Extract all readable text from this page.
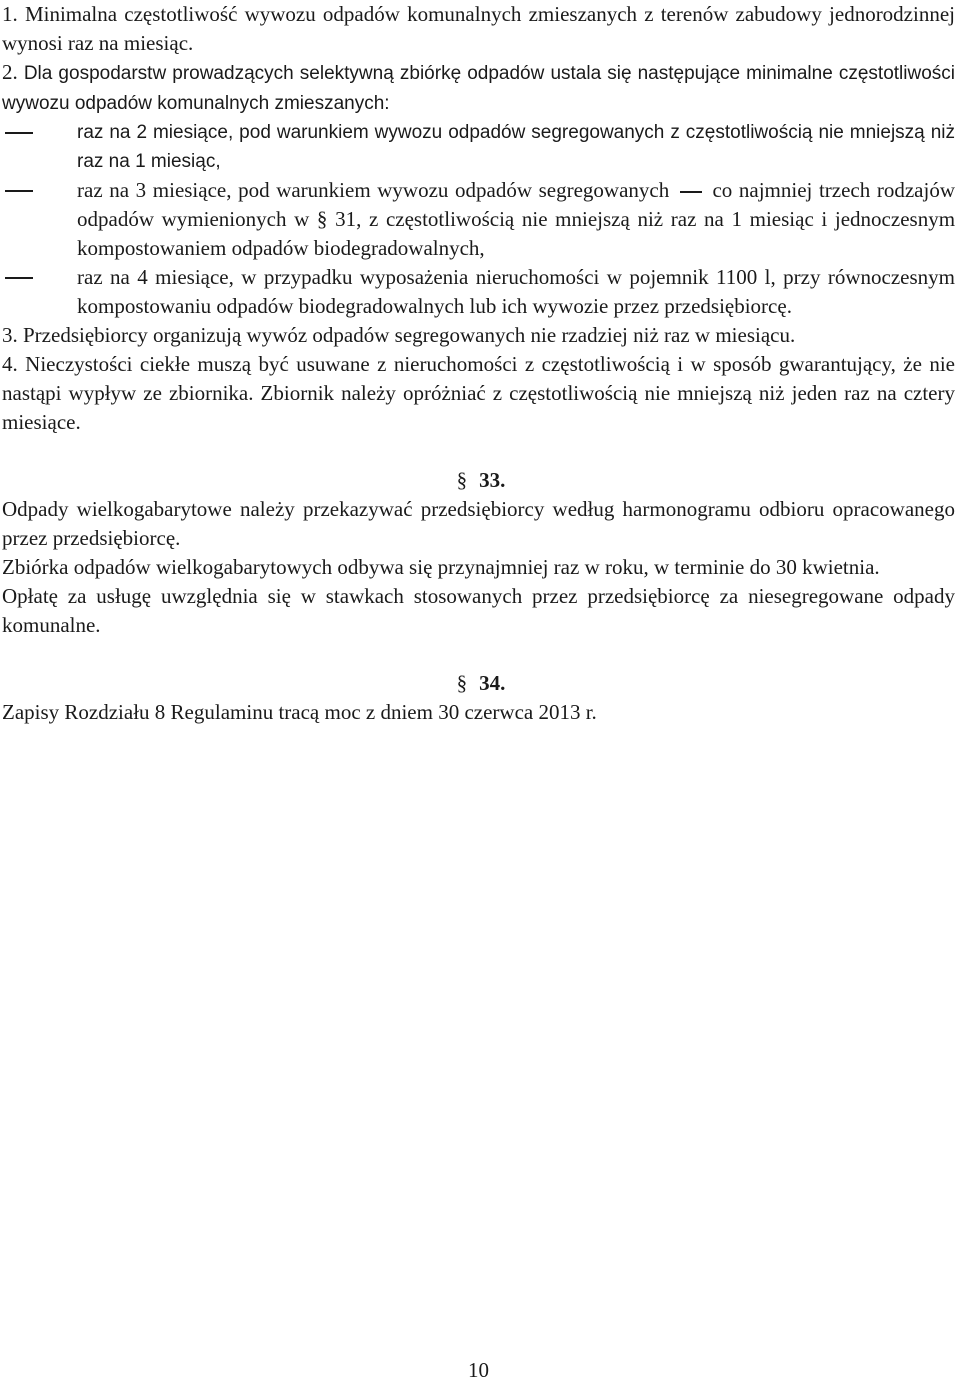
1. Minimalna częstotliwość wywozu odpadów komunalnych zmieszanych z terenów zabudowy jednorodzinnej wynosi raz na miesiąc.

2. Dla gospodarstw prowadzących selektywną zbiórkę odpadów ustala się następujące minimalne częstotliwości wywozu odpadów komunalnych zmieszanych:

raz na 2 miesiące, pod warunkiem wywozu odpadów segregowanych z częstotliwością nie mniejszą niż raz na 1 miesiąc,
raz na 3 miesiące, pod warunkiem wywozu odpadów segregowanych co najmniej trzech rodzajów odpadów wymienionych w § 31, z częstotliwością nie mniejszą niż raz na 1 miesiąc i jednoczesnym kompostowaniem odpadów biodegradowalnych,
raz na 4 miesiące, w przypadku wyposażenia nieruchomości w pojemnik 1100 l, przy równoczesnym kompostowaniu odpadów biodegradowalnych lub ich wywozie przez przedsiębiorcę.

3. Przedsiębiorcy organizują wywóz odpadów segregowanych nie rzadziej niż raz w miesiącu.

4. Nieczystości ciekłe muszą być usuwane z nieruchomości z częstotliwością i w sposób gwarantujący, że nie nastąpi wypływ ze zbiornika. Zbiornik należy opróżniać z częstotliwością nie mniejszą niż jeden raz na cztery miesiące.

§ 33.

Odpady wielkogabarytowe należy przekazywać przedsiębiorcy według harmonogramu odbioru opracowanego przez przedsiębiorcę.

Zbiórka odpadów wielkogabarytowych odbywa się przynajmniej raz w roku, w terminie do 30 kwietnia.

Opłatę za usługę uwzględnia się w stawkach stosowanych przez przedsiębiorcę za niesegregowane odpady komunalne.

§ 34.

Zapisy Rozdziału 8 Regulaminu tracą moc z dniem 30 czerwca 2013 r.

10
